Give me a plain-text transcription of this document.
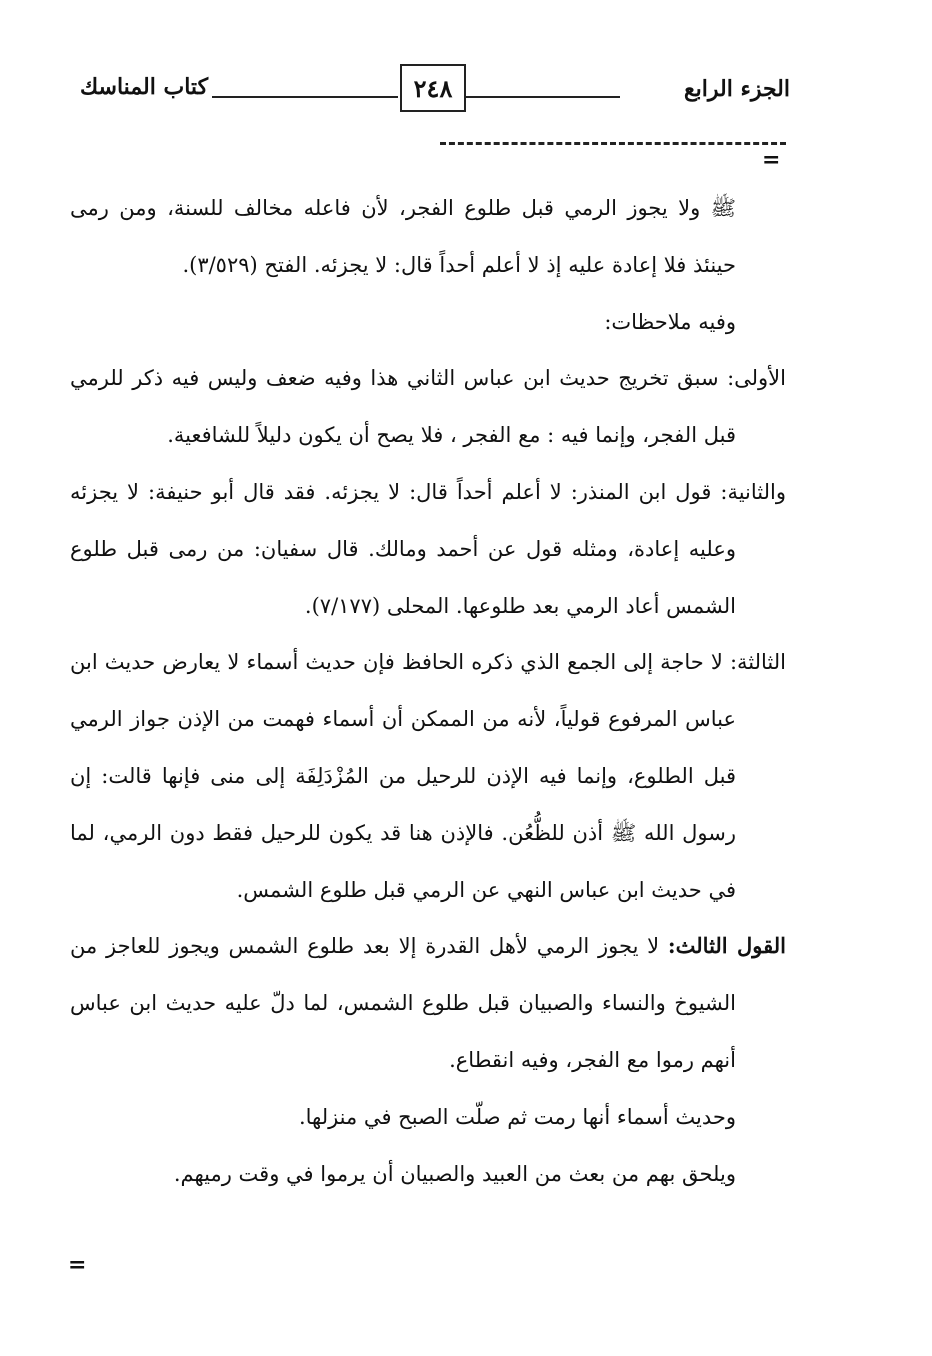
الجزء الرابع
٢٤٨
كتاب المناسك
=

ﷺ ولا يجوز الرمي قبل طلوع الفجر، لأن فاعله مخالف للسنة، ومن رمى حينئذ فلا إعادة عليه إذ لا أعلم أحداً قال: لا يجزئه. الفتح (٣/٥٢٩).

وفيه ملاحظات:

الأولى: سبق تخريج حديث ابن عباس الثاني هذا وفيه ضعف وليس فيه ذكر للرمي قبل الفجر، وإنما فيه : مع الفجر ، فلا يصح أن يكون دليلاً للشافعية.

والثانية: قول ابن المنذر: لا أعلم أحداً قال: لا يجزئه. فقد قال أبو حنيفة: لا يجزئه وعليه إعادة، ومثله قول عن أحمد ومالك. قال سفيان: من رمى قبل طلوع الشمس أعاد الرمي بعد طلوعها. المحلى (٧/١٧٧).

الثالثة: لا حاجة إلى الجمع الذي ذكره الحافظ فإن حديث أسماء لا يعارض حديث ابن عباس المرفوع قولياً، لأنه من الممكن أن أسماء فهمت من الإذن جواز الرمي قبل الطلوع، وإنما فيه الإذن للرحيل من المُزْدَلِفَة إلى منى فإنها قالت: إن رسول الله ﷺ أذن للظُّعُن. فالإذن هنا قد يكون للرحيل فقط دون الرمي، لما في حديث ابن عباس النهي عن الرمي قبل طلوع الشمس.

القول الثالث: لا يجوز الرمي لأهل القدرة إلا بعد طلوع الشمس ويجوز للعاجز من الشيوخ والنساء والصبيان قبل طلوع الشمس، لما دلّ عليه حديث ابن عباس أنهم رموا مع الفجر، وفيه انقطاع.

وحديث أسماء أنها رمت ثم صلّت الصبح في منزلها.

ويلحق بهم من بعث من العبيد والصبيان أن يرموا في وقت رميهم.

=
